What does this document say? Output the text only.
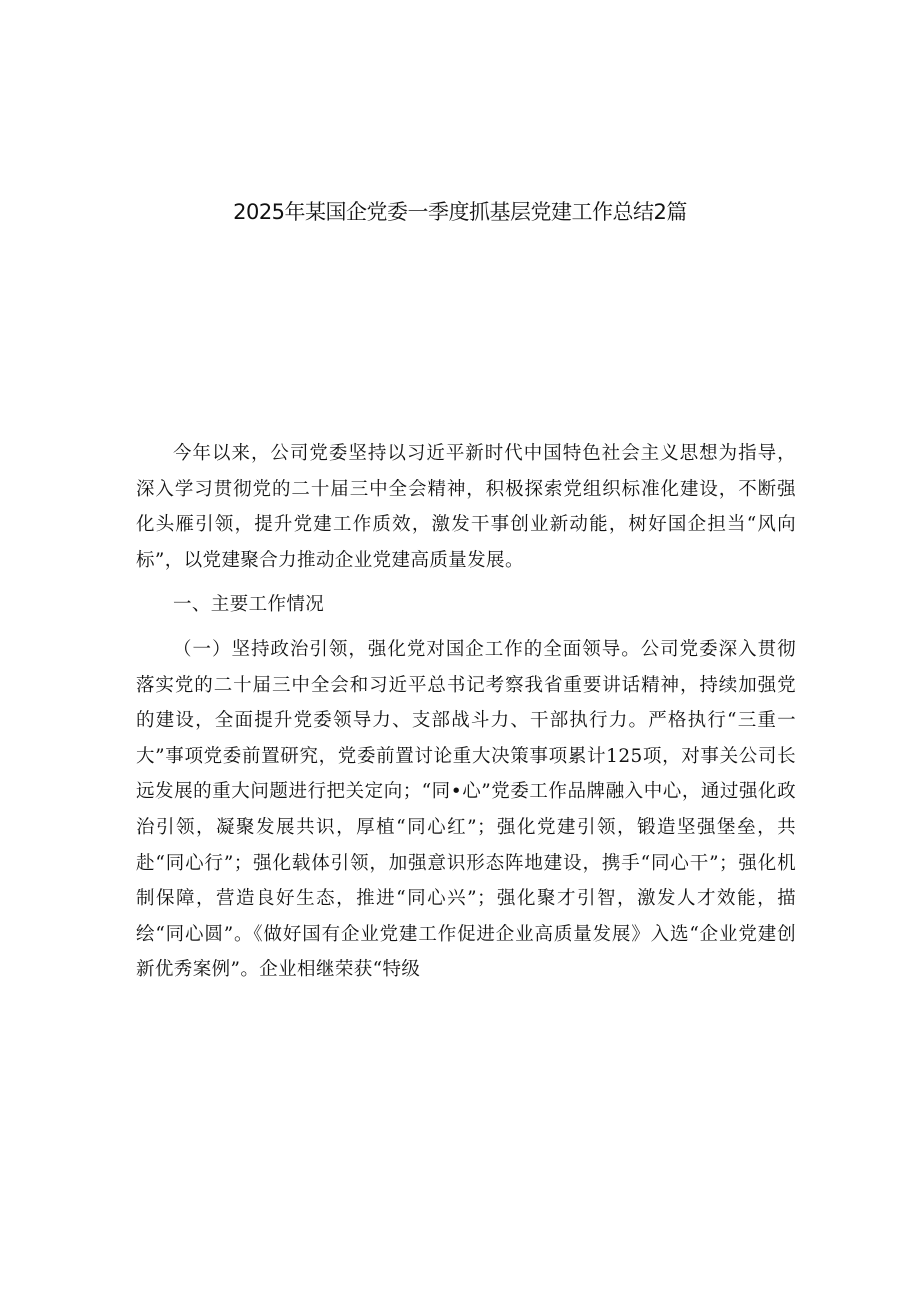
2025年某国企党委一季度抓基层党建工作总结2篇

今年以来，公司党委坚持以习近平新时代中国特色社会主义思想为指导，深入学习贯彻党的二十届三中全会精神，积极探索党组织标准化建设，不断强化头雁引领，提升党建工作质效，激发干事创业新动能，树好国企担当“风向标”，以党建聚合力推动企业党建高质量发展。

一、主要工作情况

（一）坚持政治引领，强化党对国企工作的全面领导。公司党委深入贯彻落实党的二十届三中全会和习近平总书记考察我省重要讲话精神，持续加强党的建设，全面提升党委领导力、支部战斗力、干部执行力。严格执行“三重一大”事项党委前置研究，党委前置讨论重大决策事项累计125项，对事关公司长远发展的重大问题进行把关定向；“同•心”党委工作品牌融入中心，通过强化政治引领，凝聚发展共识，厚植“同心红”；强化党建引领，锻造坚强堡垒，共赴“同心行”；强化载体引领，加强意识形态阵地建设，携手“同心干”；强化机制保障，营造良好生态，推进“同心兴”；强化聚才引智，激发人才效能，描绘“同心圆”。《做好国有企业党建工作促进企业高质量发展》入选“企业党建创新优秀案例”。企业相继荣获“特级
